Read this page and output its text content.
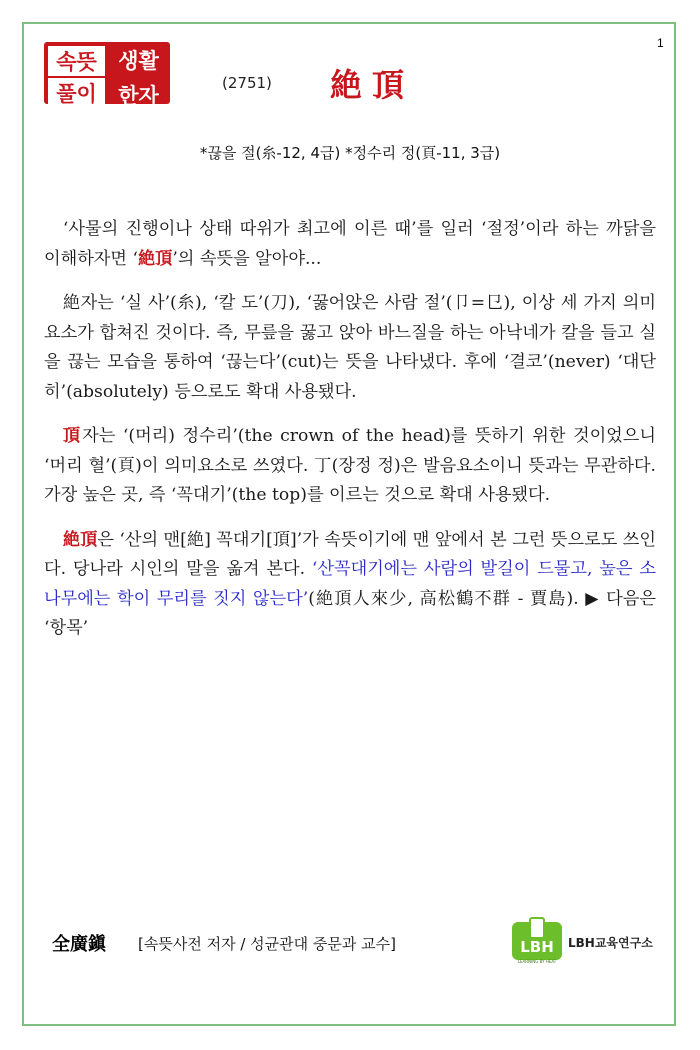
1
속뜻	생활
풀이	한자
(2751) 絶頂
*끊을 절(糸-12, 4급) *정수리 정(頁-11, 3급)

‘사물의 진행이나 상태 따위가 최고에 이른 때’를 일러 ‘절정’이라 하는 까닭을 이해하자면 ‘絶頂’의 속뜻을 알아야...

絶자는 ‘실 사’(糸), ‘칼 도’(刀), ‘꿇어앉은 사람 절’(卩=㔾), 이상 세 가지 의미요소가 합쳐진 것이다. 즉, 무릎을 꿇고 앉아 바느질을 하는 아낙네가 칼을 들고 실을 끊는 모습을 통하여 ‘끊는다’(cut)는 뜻을 나타냈다. 후에 ‘결코’(never) ‘대단히’(absolutely) 등으로도 확대 사용됐다.

頂자는 ‘(머리) 정수리’(the crown of the head)를 뜻하기 위한 것이었으니 ‘머리 혈’(頁)이 의미요소로 쓰였다. 丁(장정 정)은 발음요소이니 뜻과는 무관하다. 가장 높은 곳, 즉 ‘꼭대기’(the top)를 이르는 것으로 확대 사용됐다.

絶頂은 ‘산의 맨[絶] 꼭대기[頂]’가 속뜻이기에 맨 앞에서 본 그런 뜻으로도 쓰인다. 당나라 시인의 말을 옮겨 본다. ‘산꼭대기에는 사람의 발길이 드물고, 높은 소나무에는 학이 무리를 짓지 않는다’(絶頂人來少, 高松鶴不群 - 賈島). ▶ 다음은 ‘항목’

全廣鎭 [속뜻사전 저자 / 성균관대 중문과 교수]	LBH
LEARNING BY HEAT
LBH교육연구소
